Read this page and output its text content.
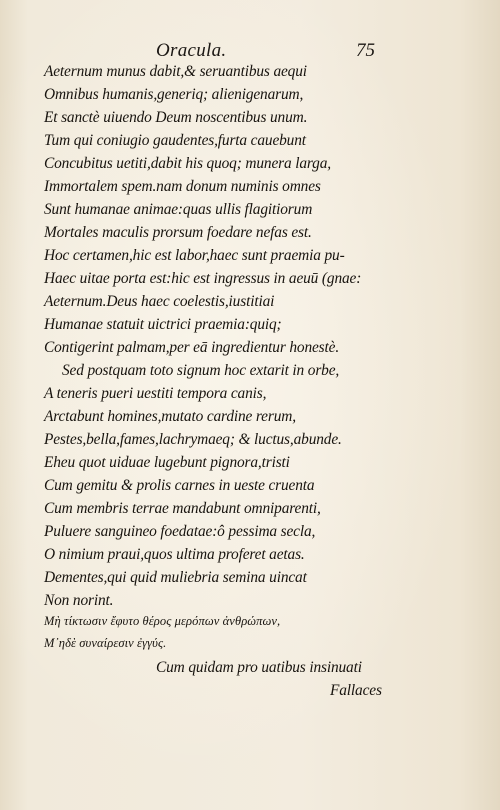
Oracula.	75
Aeternum munus dabit,& seruantibus aequi
Omnibus humanis,generiq; alienigenarum,
Et sanctè uiuendo Deum noscentibus unum.
Tum qui coniugio gaudentes,furta cauebunt
Concubitus uetiti,dabit his quoq; munera larga,
Immortalem spem.nam donum numinis omnes
Sunt humanae animae:quas ullis flagitiorum
Mortales maculis prorsum foedare nefas est.
Hoc certamen,hic est labor,haec sunt praemia pu-
Haec uitae porta est:hic est ingressus in aeuū (gnae:
Aeternum.Deus haec coelestis,iustitiai
Humanae statuit uictrici praemia:quiq;
Contigerint palmam,per eā ingredientur honestè.
Sed postquam toto signum hoc extarit in orbe,
A teneris pueri uestiti tempora canis,
Arctabunt homines,mutato cardine rerum,
Pestes,bella,fames,lachrymaeq; & luctus,abunde.
Eheu quot uiduae lugebunt pignora,tristi
Cum gemitu & prolis carnes in ueste cruenta
Cum membris terrae mandabunt omniparenti,
Puluere sanguineo foedatae:ô pessima secla,
O nimium praui,quos ultima proferet aetas.
Dementes,qui quid muliebria semina uincat
Non norint.
Μὴ τίκτωσιν ἔφυτο θέρος μερόπων ἀνθρώπων,
Μ᾽ηδὲ συναίρεσιν ἐγγύς.
Cum quidam pro uatibus insinuati
Fallaces
